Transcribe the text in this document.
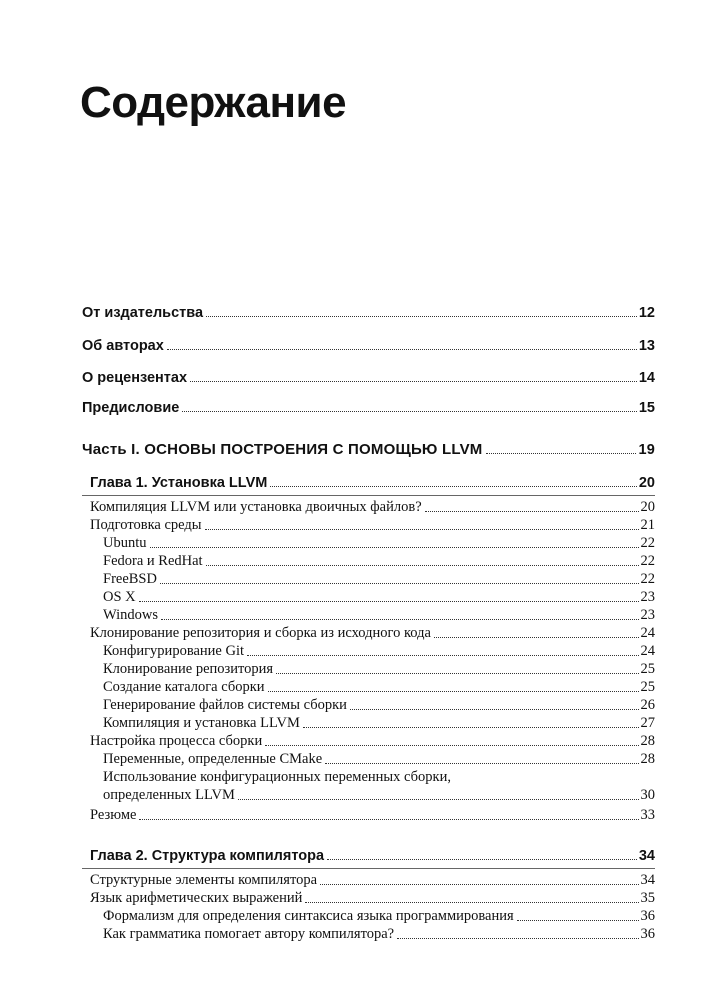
Содержание
От издательства	12
Об авторах	13
О рецензентах	14
Предисловие	15
Часть I. ОСНОВЫ ПОСТРОЕНИЯ С ПОМОЩЬЮ LLVM	19
Глава 1. Установка LLVM	20
Компиляция LLVM или установка двоичных файлов?	20
Подготовка среды	21
Ubuntu	22
Fedora и RedHat	22
FreeBSD	22
OS X	23
Windows	23
Клонирование репозитория и сборка из исходного кода	24
Конфигурирование Git	24
Клонирование репозитория	25
Создание каталога сборки	25
Генерирование файлов системы сборки	26
Компиляция и установка LLVM	27
Настройка процесса сборки	28
Переменные, определенные CMake	28
Использование конфигурационных переменных сборки,
определенных LLVM	30
Резюме	33
Глава 2. Структура компилятора	34
Структурные элементы компилятора	34
Язык арифметических выражений	35
Формализм для определения синтаксиса языка программирования	36
Как грамматика помогает автору компилятора?	36
